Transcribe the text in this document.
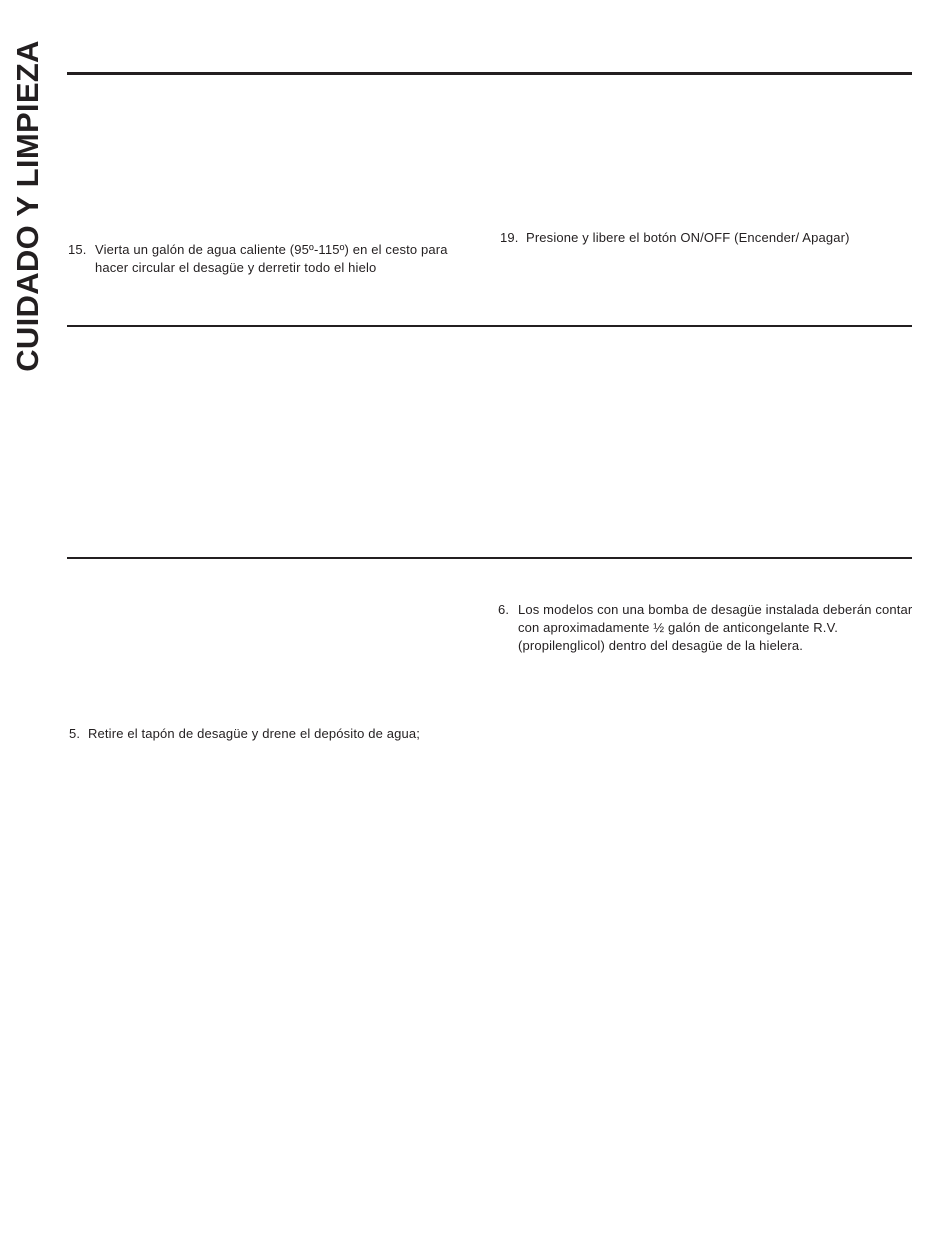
CUIDADO Y LIMPIEZA 15. Vierta un galón de agua caliente (95º-115º) en el cesto para hacer circular el desagüe y derretir todo el hielo
19. Presione y libere el botón ON/OFF (Encender/ Apagar)
6. Los modelos con una bomba de desagüe instalada deberán contar con aproximadamente ½ galón de anticongelante R.V. (propilenglicol) dentro del desagüe de la hielera.
5. Retire el tapón de desagüe y drene el depósito de agua;
